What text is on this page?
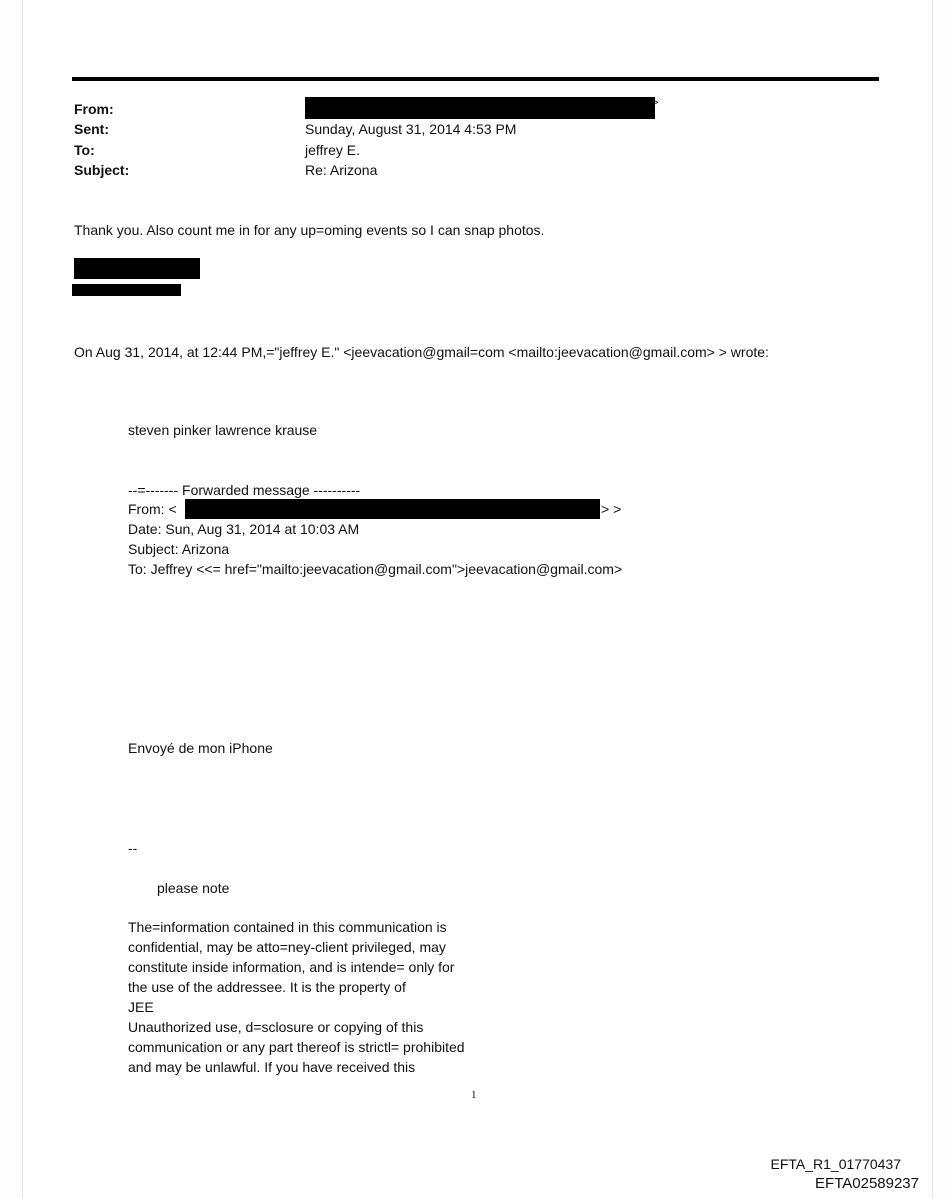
From:	>
Sent:	Sunday, August 31, 2014 4:53 PM
To:	jeffrey E.
Subject:	Re: Arizona
Thank you. Also count me in for any up=oming events so I can snap photos.
On Aug 31, 2014, at 12:44 PM,="jeffrey E." <jeevacation@gmail=com <mailto:jeevacation@gmail.com> > wrote:
steven pinker lawrence krause
--=------- Forwarded message ----------
From: <	> >
Date: Sun, Aug 31, 2014 at 10:03 AM
Subject: Arizona
To: Jeffrey <<= href="mailto:jeevacation@gmail.com">jeevacation@gmail.com>
Envoyé de mon iPhone
--
please note
The=information contained in this communication is
confidential, may be atto=ney-client privileged, may
constitute inside information, and is intende= only for
the use of the addressee. It is the property of
JEE
Unauthorized use, d=sclosure or copying of this
communication or any part thereof is strictl= prohibited
and may be unlawful. If you have received this
1
EFTA_R1_01770437
EFTA02589237
